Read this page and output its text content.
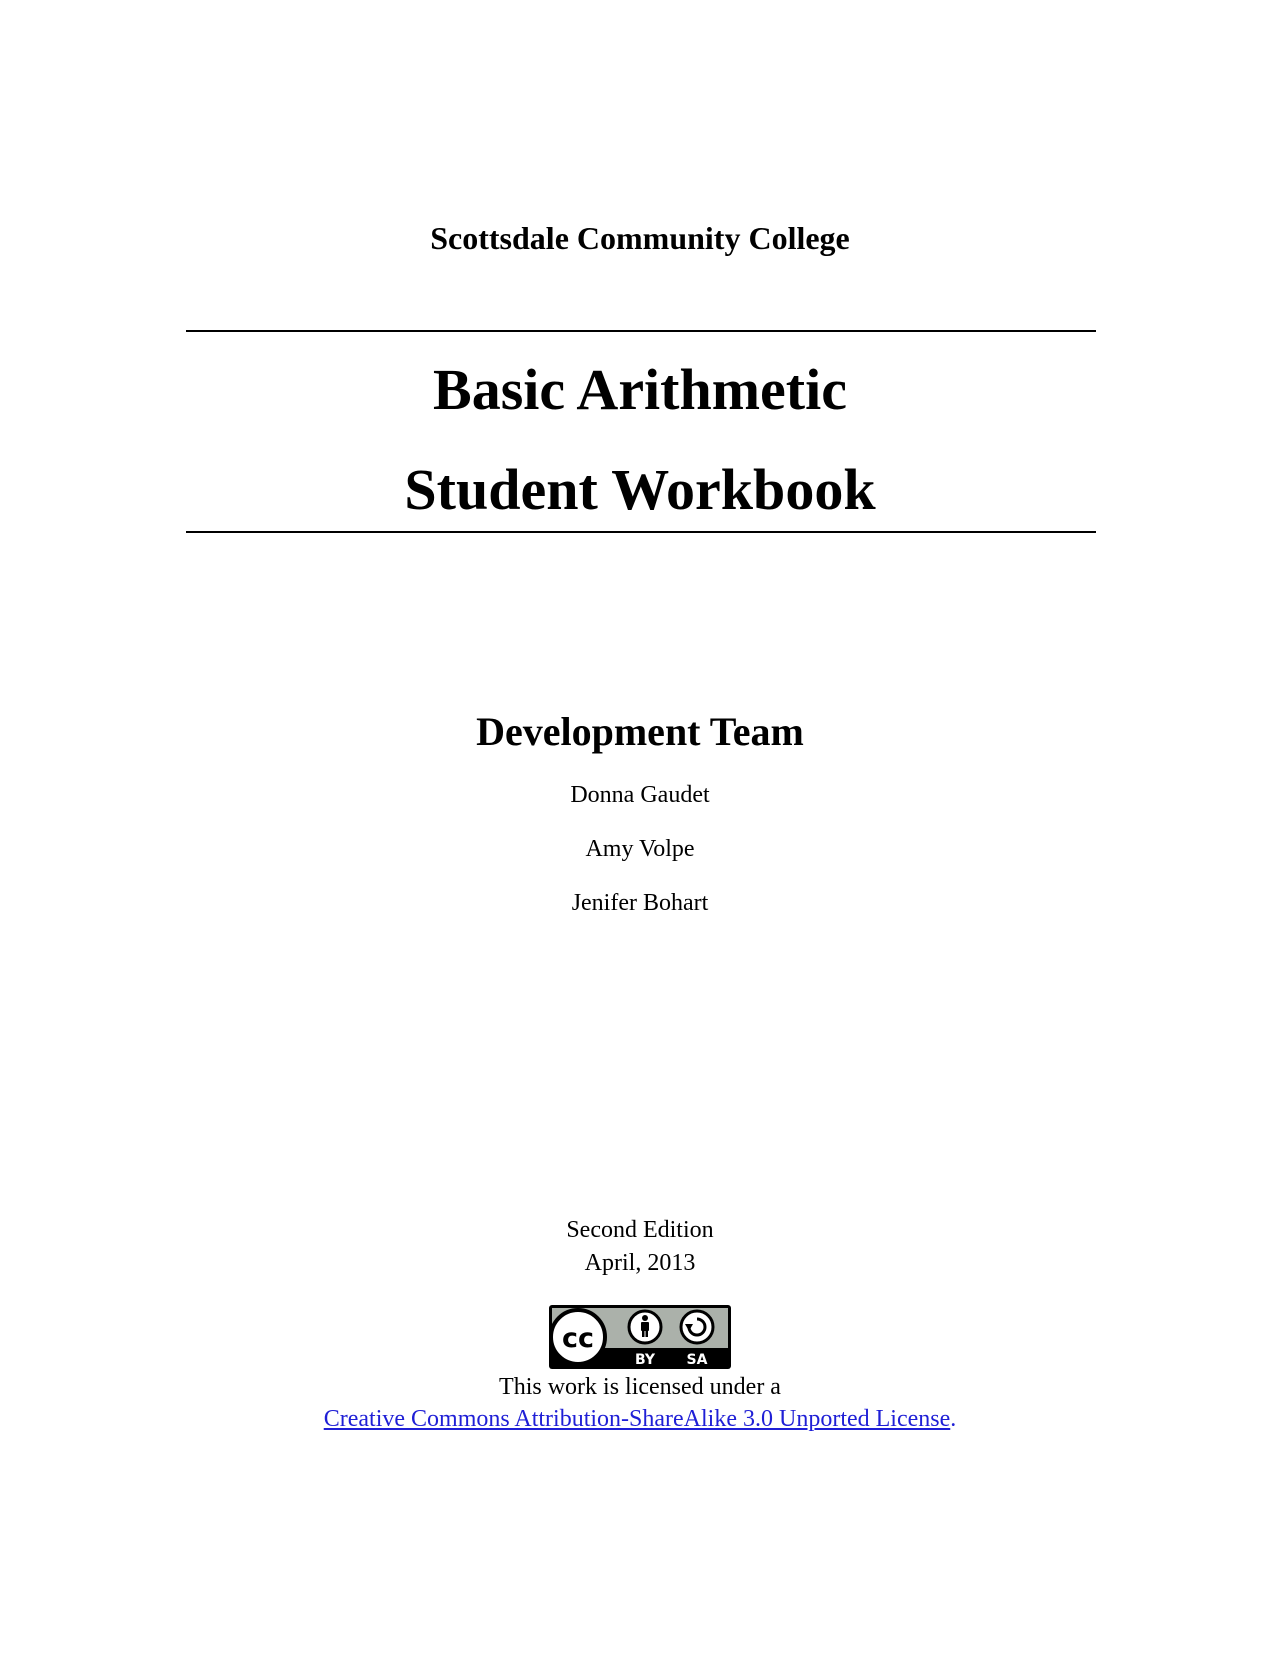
Scottsdale Community College
Basic Arithmetic
Student Workbook
Development Team
Donna Gaudet
Amy Volpe
Jenifer Bohart
Second Edition
April, 2013
cc
BY SA
This work is licensed under a
Creative Commons Attribution-ShareAlike 3.0 Unported License.
